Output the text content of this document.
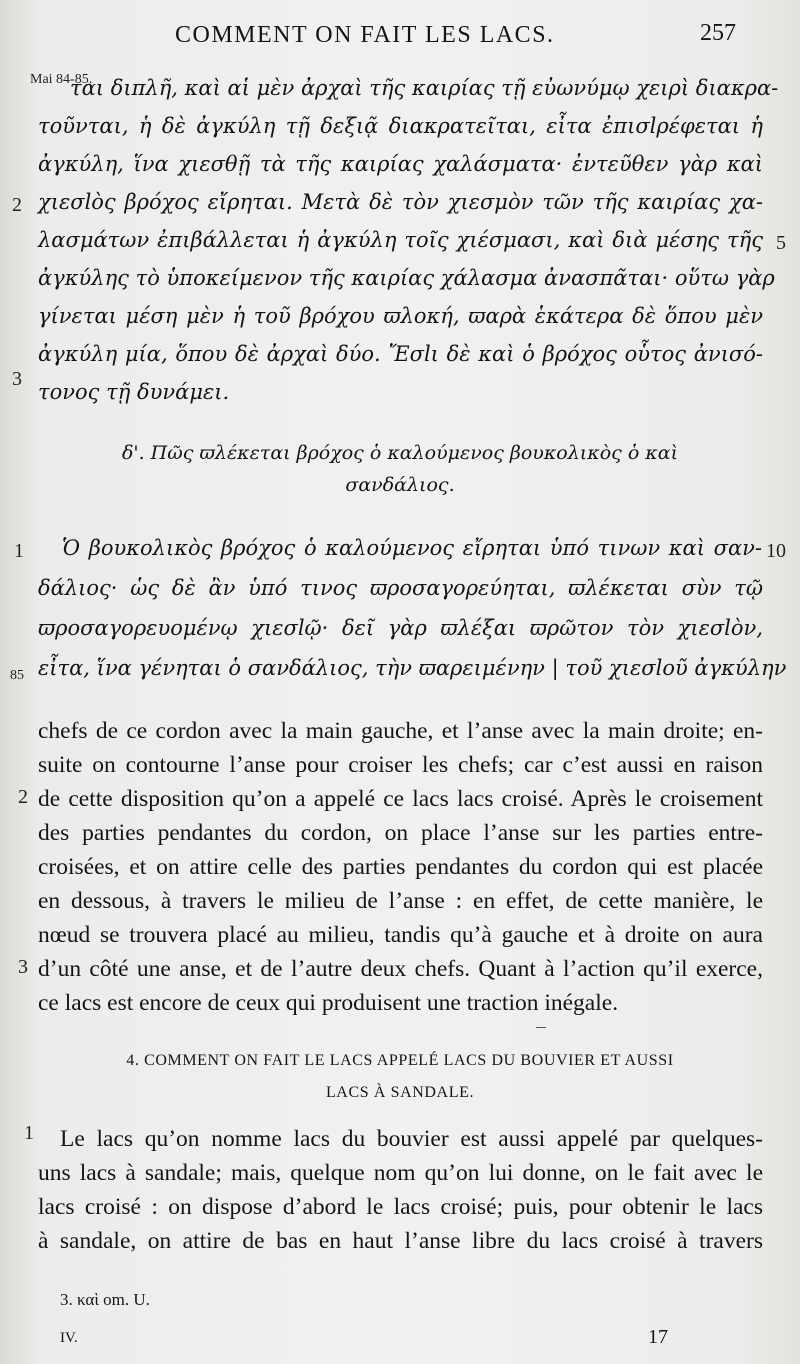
COMMENT ON FAIT LES LACS.	257
Mai 84-85.
2
3
1
85
5
10
2
3
1
ται διπλῆ, καὶ αἱ μὲν ἀρχαὶ τῆς καιρίας τῇ εὐωνύμῳ χειρὶ διακρα-
τοῦνται, ἡ δὲ ἀγκύλη τῇ δεξιᾷ διακρατεῖται, εἶτα ἐπισlρέφεται ἡ
ἀγκύλη, ἵνα χιεσθῇ τὰ τῆς καιρίας χαλάσματα· ἐντεῦθεν γὰρ καὶ
χιεσlὸς βρόχος εἴρηται. Μετὰ δὲ τὸν χιεσμὸν τῶν τῆς καιρίας χα-
λασμάτων ἐπιβάλλεται ἡ ἀγκύλη τοῖς χιέσμασι, καὶ διὰ μέσης τῆς
ἀγκύλης τὸ ὑποκείμενον τῆς καιρίας χάλασμα ἀνασπᾶται· οὕτω γὰρ
γίνεται μέση μὲν ἡ τοῦ βρόχου ϖλοκή, ϖαρὰ ἑκάτερα δὲ ὅπου μὲν
ἀγκύλη μία, ὅπου δὲ ἀρχαὶ δύο. Ἔσlι δὲ καὶ ὁ βρόχος οὗτος ἀνισό-
τονος τῇ δυνάμει.
δ'. Πῶς ϖλέκεται βρόχος ὁ καλούμενος βουκολικὸς ὁ καὶ
σανδάλιος.
Ὁ βουκολικὸς βρόχος ὁ καλούμενος εἴρηται ὑπό τινων καὶ σαν-
δάλιος· ὡς δὲ ἂν ὑπό τινος ϖροσαγορεύηται, ϖλέκεται σὺν τῷ
ϖροσαγορευομένῳ χιεσlῷ· δεῖ γὰρ ϖλέξαι ϖρῶτον τὸν χιεσlὸν,
εἶτα, ἵνα γένηται ὁ σανδάλιος, τὴν ϖαρειμένην | τοῦ χιεσlοῦ ἀγκύλην
chefs de ce cordon avec la main gauche, et l’anse avec la main droite; en-
suite on contourne l’anse pour croiser les chefs; car c’est aussi en raison
de cette disposition qu’on a appelé ce lacs lacs croisé. Après le croisement
des parties pendantes du cordon, on place l’anse sur les parties entre-
croisées, et on attire celle des parties pendantes du cordon qui est placée
en dessous, à travers le milieu de l’anse : en effet, de cette manière, le
nœud se trouvera placé au milieu, tandis qu’à gauche et à droite on aura
d’un côté une anse, et de l’autre deux chefs. Quant à l’action qu’il exerce,
ce lacs est encore de ceux qui produisent une traction inégale.
4. COMMENT ON FAIT LE LACS APPELÉ LACS DU BOUVIER ET AUSSI
LACS À SANDALE.
Le lacs qu’on nomme lacs du bouvier est aussi appelé par quelques-
uns lacs à sandale; mais, quelque nom qu’on lui donne, on le fait avec le
lacs croisé : on dispose d’abord le lacs croisé; puis, pour obtenir le lacs
à sandale, on attire de bas en haut l’anse libre du lacs croisé à travers
3. καὶ om. U.
IV.	17
